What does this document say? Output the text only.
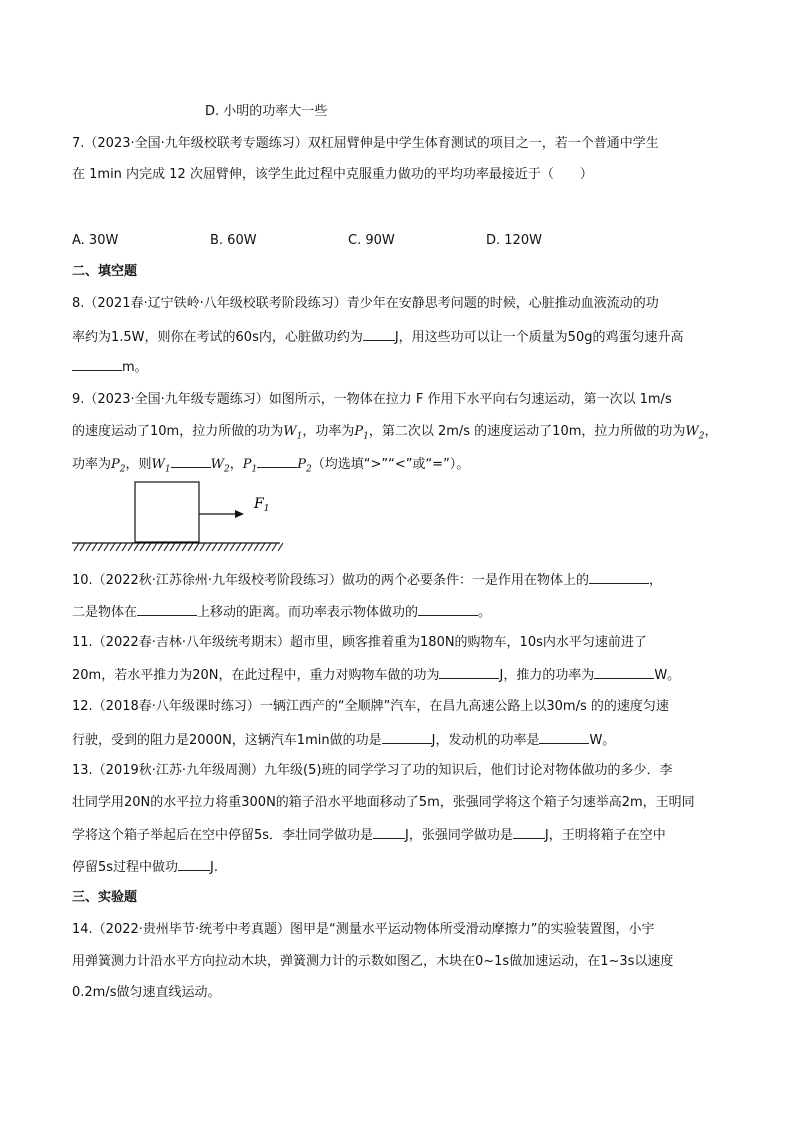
D. 小明的功率大一些
7.（2023·全国·九年级校联考专题练习）双杠屈臂伸是中学生体育测试的项目之一，若一个普通中学生
在 1min 内完成 12 次屈臂伸，该学生此过程中克服重力做功的平均功率最接近于（　　）
A. 30W	B. 60W	C. 90W	D. 120W
二、填空题
8.（2021春·辽宁铁岭·八年级校联考阶段练习）青少年在安静思考问题的时候，心脏推动血液流动的功
率约为1.5W，则你在考试的60s内，心脏做功约为 J，用这些功可以让一个质量为50g的鸡蛋匀速升高
m。
9.（2023·全国·九年级专题练习）如图所示，一物体在拉力 F 作用下水平向右匀速运动，第一次以 1m/s
的速度运动了10m，拉力所做的功为$W_1$，功率为$P_1$，第二次以 2m/s 的速度运动了10m，拉力所做的功为$W_2$，
功率为$P_2$，则$W_1$	$W_2$，$P_1$	$P_2$（均选填“>”“<”或“=”）。
$F_1$
10.（2022秋·江苏徐州·九年级校考阶段练习）做功的两个必要条件：一是作用在物体上的	，
二是物体在	上移动的距离。而功率表示物体做功的	。
11.（2022春·吉林·八年级统考期末）超市里，顾客推着重为180N的购物车，10s内水平匀速前进了
20m，若水平推力为20N，在此过程中，重力对购物车做的功为	J，推力的功率为	W。
12.（2018春·八年级课时练习）一辆江西产的“全顺牌”汽车，在昌九高速公路上以30m/s 的的速度匀速
行驶，受到的阻力是2000N，这辆汽车1min做的功是	J，发动机的功率是	W。
13.（2019秋·江苏·九年级周测）九年级(5)班的同学学习了功的知识后，他们讨论对物体做功的多少．李
壮同学用20N的水平拉力将重300N的箱子沿水平地面移动了5m，张强同学将这个箱子匀速举高2m，王明同
学将这个箱子举起后在空中停留5s．李壮同学做功是 J，张强同学做功是 J，王明将箱子在空中
停留5s过程中做功 J.
三、实验题
14.（2022·贵州毕节·统考中考真题）图甲是“测量水平运动物体所受滑动摩擦力”的实验装置图，小宇
用弹簧测力计沿水平方向拉动木块，弹簧测力计的示数如图乙，木块在0~1s做加速运动，在1~3s以速度
0.2m/s做匀速直线运动。
